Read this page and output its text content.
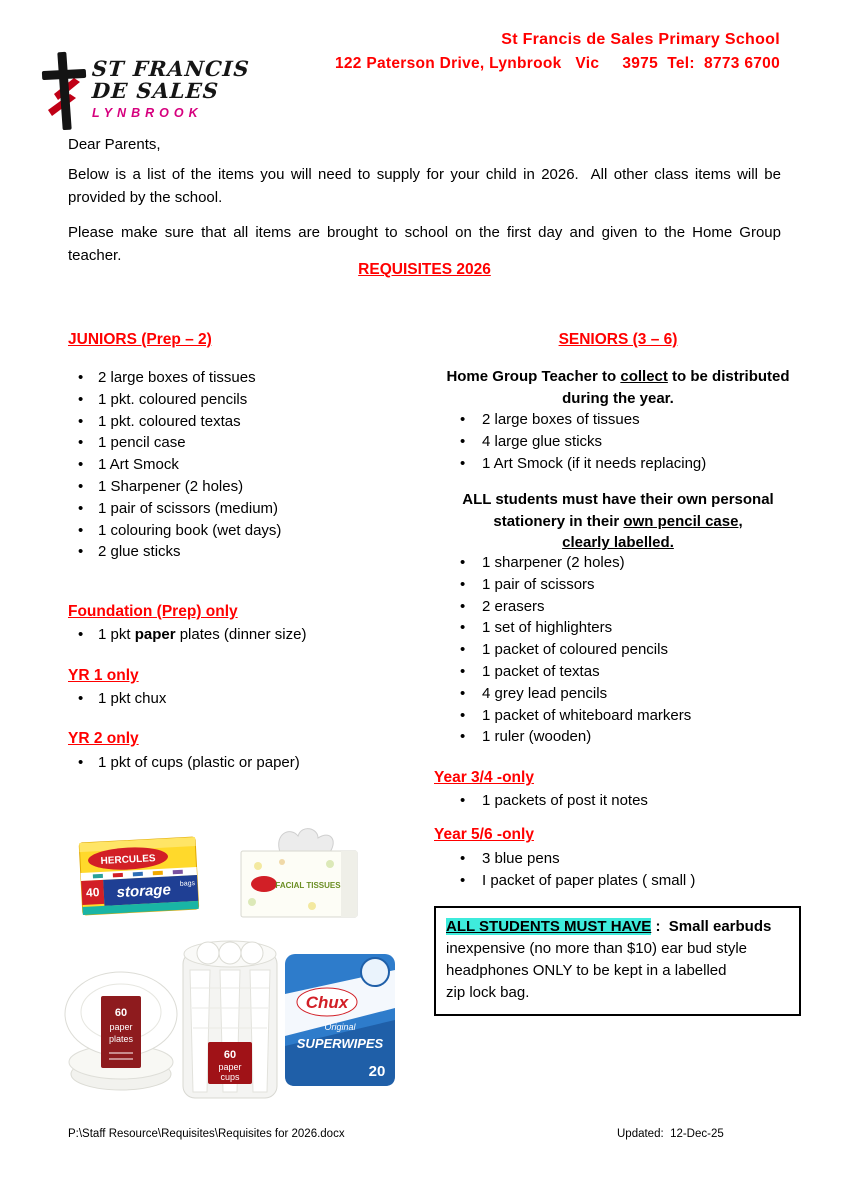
ST FRANCIS
DE SALES
LYNBROOK
St Francis de Sales Primary School
122 Paterson Drive, Lynbrook   Vic     3975  Tel:  8773 6700
Dear Parents,
Below is a list of the items you will need to supply for your child in 2026.  All other class items will be provided by the school.
Please make sure that all items are brought to school on the first day and given to the Home Group teacher.
REQUISITES 2026
JUNIORS (Prep – 2)
• 2 large boxes of tissues
• 1 pkt. coloured pencils
• 1 pkt. coloured textas
• 1 pencil case
• 1 Art Smock
• 1 Sharpener (2 holes)
• 1 pair of scissors (medium)
• 1 colouring book (wet days)
• 2 glue sticks
Foundation (Prep) only
• 1 pkt paper plates (dinner size)
YR 1 only
• 1 pkt chux
YR 2 only
• 1 pkt of cups (plastic or paper)
SENIORS (3 – 6)
Home Group Teacher to collect to be distributed
during the year.
• 2 large boxes of tissues
• 4 large glue sticks
• 1 Art Smock (if it needs replacing)
ALL students must have their own personal
stationery in their own pencil case,
clearly labelled.
• 1 sharpener (2 holes)
• 1 pair of scissors
• 2 erasers
• 1 set of highlighters
• 1 packet of coloured pencils
• 1 packet of textas
• 4 grey lead pencils
• 1 packet of whiteboard markers
• 1 ruler (wooden)
Year 3/4 -only
• 1 packets of post it notes
Year 5/6 -only
• 3 blue pens
• I packet of paper plates ( small )
ALL STUDENTS MUST HAVE :  Small earbuds
inexpensive (no more than $10) ear bud style
headphones ONLY to be kept in a labelled
zip lock bag.
HERCULES
40 storage bags	FACIAL TISSUES
60
paper
plates
60
paper
cups
Chux
Original
SUPERWIPES
20
P:\Staff Resource\Requisites\Requisites for 2026.docx	Updated:  12-Dec-25
